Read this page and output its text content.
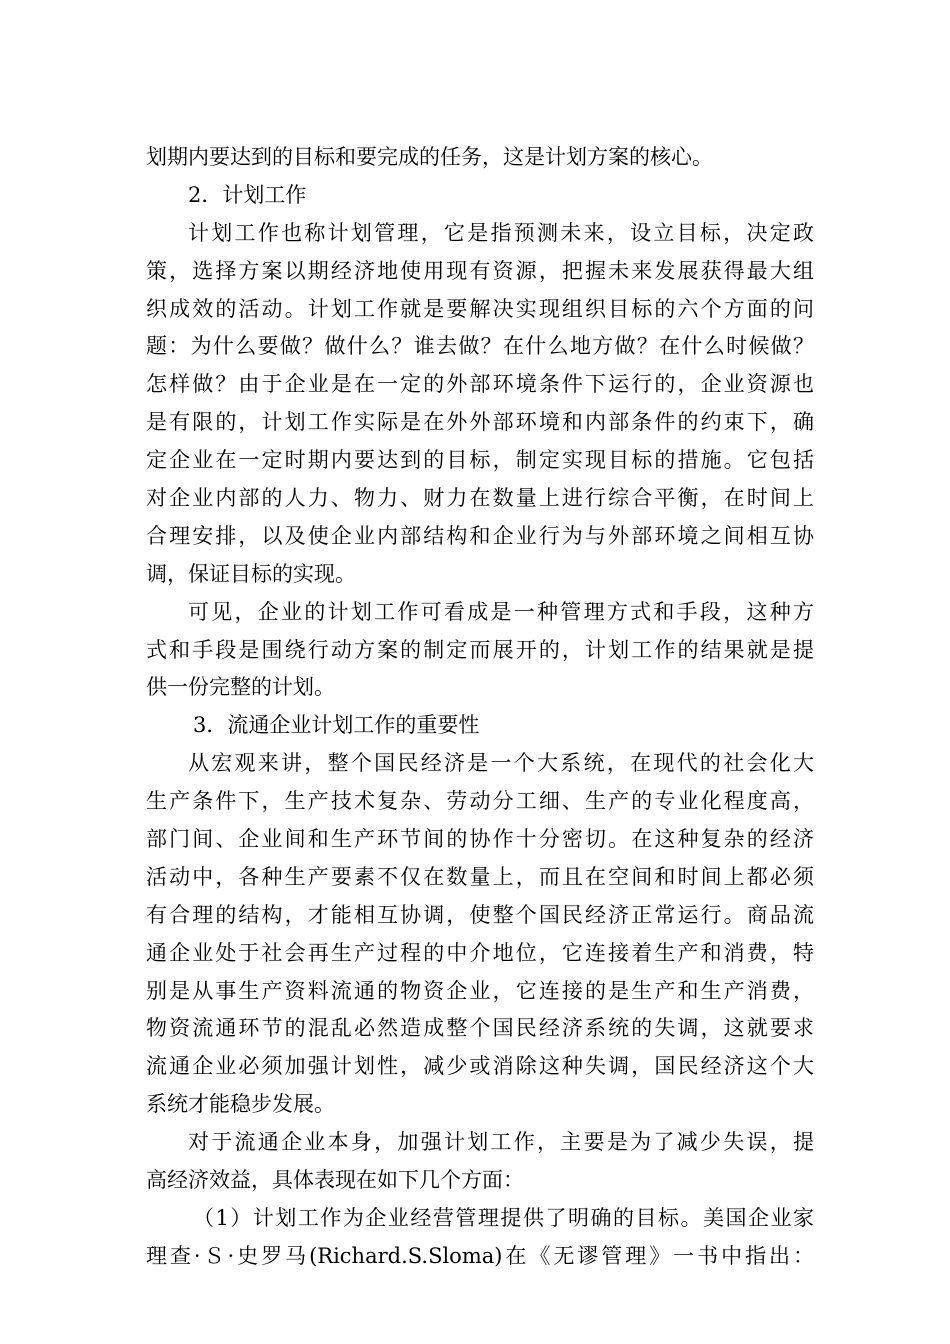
划期内要达到的目标和要完成的任务，这是计划方案的核心。
2．计划工作
计划工作也称计划管理，它是指预测未来，设立目标，决定政
策，选择方案以期经济地使用现有资源，把握未来发展获得最大组
织成效的活动。计划工作就是要解决实现组织目标的六个方面的问
题：为什么要做？做什么？谁去做？在什么地方做？在什么时候做？
怎样做？由于企业是在一定的外部环境条件下运行的，企业资源也
是有限的，计划工作实际是在外外部环境和内部条件的约束下，确
定企业在一定时期内要达到的目标，制定实现目标的措施。它包括
对企业内部的人力、物力、财力在数量上进行综合平衡，在时间上
合理安排，以及使企业内部结构和企业行为与外部环境之间相互协
调，保证目标的实现。
可见，企业的计划工作可看成是一种管理方式和手段，这种方
式和手段是围绕行动方案的制定而展开的，计划工作的结果就是提
供一份完整的计划。
3．流通企业计划工作的重要性
从宏观来讲，整个国民经济是一个大系统，在现代的社会化大
生产条件下，生产技术复杂、劳动分工细、生产的专业化程度高，
部门间、企业间和生产环节间的协作十分密切。在这种复杂的经济
活动中，各种生产要素不仅在数量上，而且在空间和时间上都必须
有合理的结构，才能相互协调，使整个国民经济正常运行。商品流
通企业处于社会再生产过程的中介地位，它连接着生产和消费，特
别是从事生产资料流通的物资企业，它连接的是生产和生产消费，
物资流通环节的混乱必然造成整个国民经济系统的失调，这就要求
流通企业必须加强计划性，减少或消除这种失调，国民经济这个大
系统才能稳步发展。
对于流通企业本身，加强计划工作，主要是为了减少失误，提
高经济效益，具体表现在如下几个方面：
（1）计划工作为企业经营管理提供了明确的目标。美国企业家
理查·Ｓ·史罗马(Richard.S.Sloma)在《无谬管理》一书中指出：
